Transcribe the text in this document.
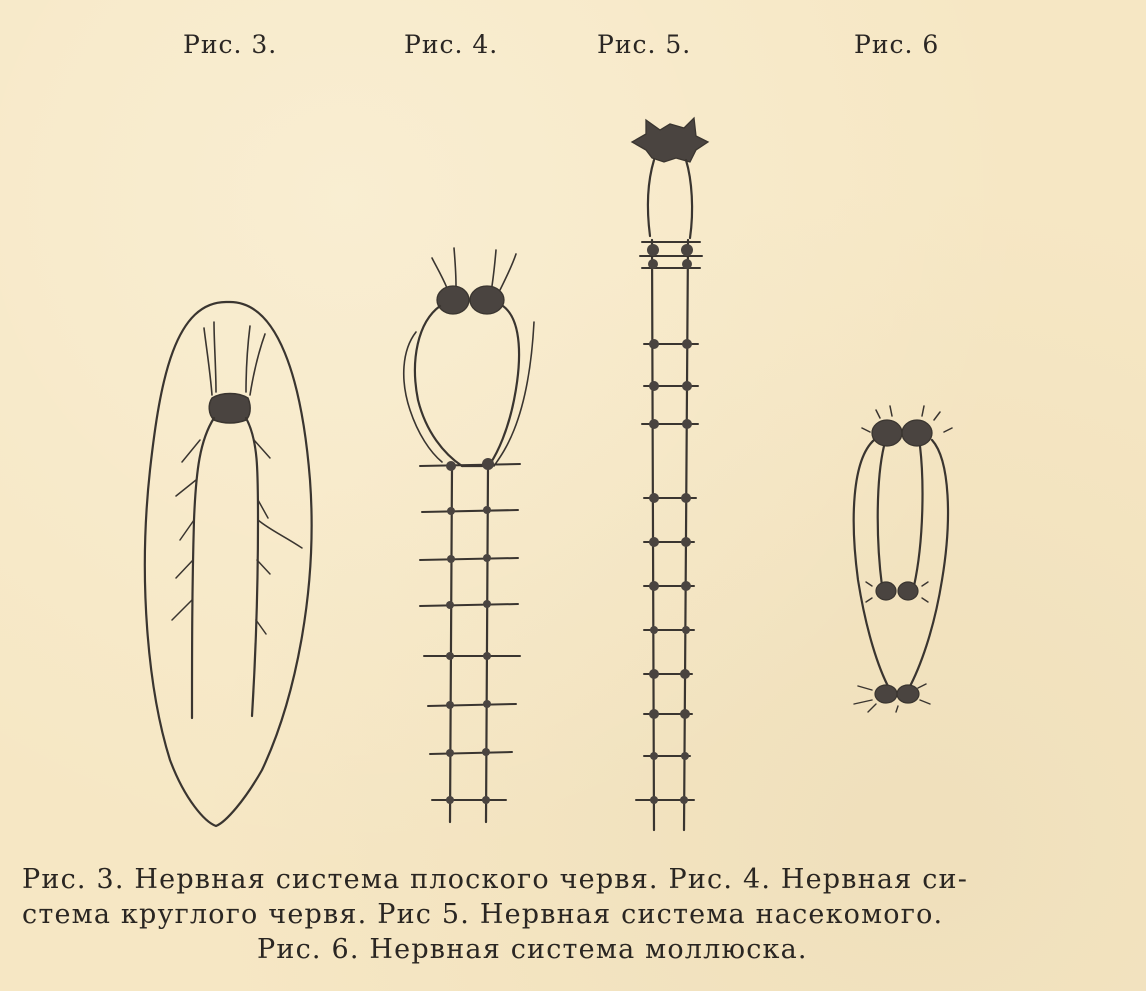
Рис. 3.	Рис. 4.	Рис. 5.	Рис. 6
Рис. 3. Нервная система плоского червя. Рис. 4. Нервная си-
стема круглого червя. Рис 5. Нервная система насекомого.
Рис. 6. Нервная система моллюска.
